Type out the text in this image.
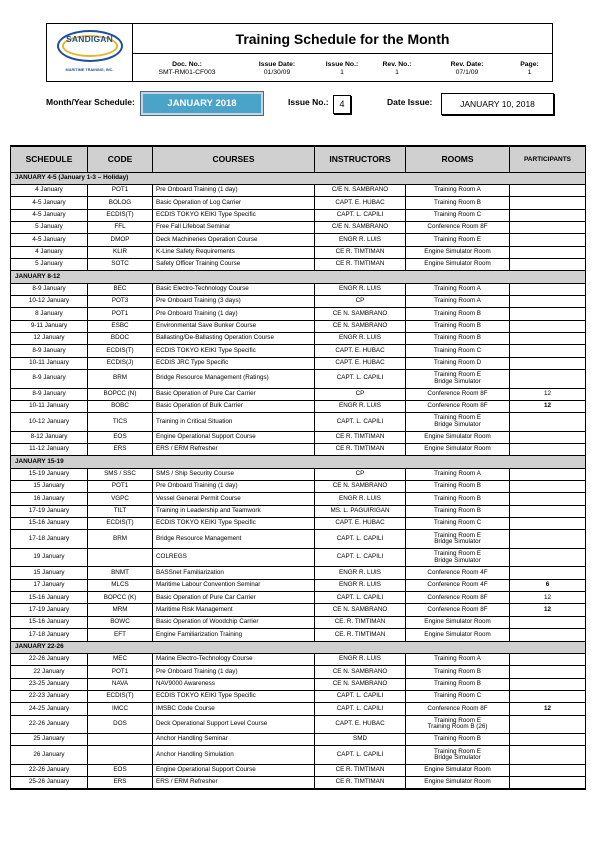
SANDIGAN
MARITIME TRAINING, INC.
Training Schedule for the Month
Doc. No.:
SMT-RM01-CF003
Issue Date:
01/30/09
Issue No.:
1
Rev. No.:
1
Rev. Date:
07/1/09
Page:
1
Month/Year Schedule:	JANUARY 2018	Issue No.:	4	Date Issue:	JANUARY 10, 2018
SCHEDULE	CODE	COURSES	INSTRUCTORS	ROOMS	PARTICIPANTS
JANUARY 4-5 (January 1-3 – Holiday)					
4 January	POT1	Pre Onboard Training (1 day)	C/E N. SAMBRANO	Training Room A	
4-5 January	BOLOG	Basic Operation of Log Carrier	CAPT. E. HUBAC	Training Room B	
4-5 January	ECDIS(T)	ECDIS TOKYO KEIKI Type Specific	CAPT. L. CAPILI	Training Room C	
5 January	FFL	Free Fall Lifeboat Seminar	C/E N. SAMBRANO	Conference Room 8F	
4-5 January	DMOP	Deck Machineries Operation Course	ENGR R. LUIS	Training Room E	
4 January	KLIR	K-Line Safety Requirements	CE R. TIMTIMAN	Engine Simulator Room	
5 January	SOTC	Safety Officer Training Course	CE R. TIMTIMAN	Engine Simulator Room	
JANUARY 8-12					
8-9 January	BEC	Basic Electro-Technology Course	ENGR R. LUIS	Training Room A	
10-12 January	POT3	Pre Onboard Training (3 days)	CP	Training Room A	
8 January	POT1	Pre Onboard Training (1 day)	CE N. SAMBRANO	Training Room B	
9-11 January	ESBC	Environmental Save Bunker Course	CE N. SAMBRANO	Training Room B	
12 January	BDOC	Ballasting/De-Ballasting Operation Course	ENGR R. LUIS	Training Room B	
8-9 January	ECDIS(T)	ECDIS TOKYO KEIKI Type Specific	CAPT. E. HUBAC	Training Room C	
10-11 January	ECDIS(J)	ECDIS JRC Type Specific	CAPT. E. HUBAC	Training Room D	
8-9 January	BRM	Bridge Resource Management (Ratings)	CAPT. L. CAPILI	Training Room E
Bridge Simulator	
8-9 January	BOPCC (N)	Basic Operation of Pure Car Carrier	CP	Conference Room 8F	12
10-11 January	BOBC	Basic Operation of Bulk Carrier	ENGR R. LUIS	Conference Room 8F	12
10-12 January	TICS	Training in Critical Situation	CAPT. L. CAPILI	Training Room E
Bridge Simulator	
8-12 January	EOS	Engine Operational Support Course	CE R. TIMTIMAN	Engine Simulator Room	
11-12 January	ERS	ERS / ERM Refresher	CE R. TIMTIMAN	Engine Simulator Room	
JANUARY 15-19					
15-19 January	SMS / SSC	SMS / Ship Security Course	CP	Training Room A	
15 January	POT1	Pre Onboard Training (1 day)	CE N. SAMBRANO	Training Room B	
16 January	VGPC	Vessel General Permit Course	ENGR R. LUIS	Training Room B	
17-19 January	TILT	Training in Leadership and Teamwork	MS. L. PAGUIRIGAN	Training Room B	
15-16 January	ECDIS(T)	ECDIS TOKYO KEIKI Type Specific	CAPT. E. HUBAC	Training Room C	
17-18 January	BRM	Bridge Resource Management	CAPT. L. CAPILI	Training Room E
Bridge Simulator	
19 January		COLREGS	CAPT. L. CAPILI	Training Room E
Bridge Simulator	
15 January	BNMT	BASSnet Familiarization	ENGR R. LUIS	Conference Room 4F	
17 January	MLCS	Maritime Labour Convention Seminar	ENGR R. LUIS	Conference Room 4F	6
15-16 January	BOPCC (K)	Basic Operation of Pure Car Carrier	CAPT. L. CAPILI	Conference Room 8F	12
17-19 January	MRM	Maritime Risk Management	CE N. SAMBRANO	Conference Room 8F	12
15-16 January	BOWC	Basic Operation of Woodchip Carrier	CE. R. TIMTIMAN	Engine Simulator Room	
17-18 January	EFT	Engine Familiarization Training	CE. R. TIMTIMAN	Engine Simulator Room	
JANUARY 22-26					
22-26 January	MEC	Marine Electro-Technology Course	ENGR R. LUIS	Training Room A	
22 January	POT1	Pre Onboard Training (1 day)	CE N. SAMBRANO	Training Room B	
23-25 January	NAVA	NAV9000 Awareness	CE N. SAMBRANO	Training Room B	
22-23 January	ECDIS(T)	ECDIS TOKYO KEIKI Type Specific	CAPT. L. CAPILI	Training Room C	
24-25 January	IMCC	IMSBC Code Course	CAPT. L. CAPILI	Conference Room 8F	12
22-26 January	DOS	Deck Operational Support Level Course	CAPT. E. HUBAC	Training Room E
Training Room B (26)	
25 January		Anchor Handling Seminar	SMD	Training Room B	
26 January		Anchor Handling Simulation	CAPT. L. CAPILI	Training Room E
Bridge Simulator	
22-26 January	EOS	Engine Operational Support Course	CE R. TIMTIMAN	Engine Simulator Room	
25-26 January	ERS	ERS / ERM Refresher	CE R. TIMTIMAN	Engine Simulator Room	
